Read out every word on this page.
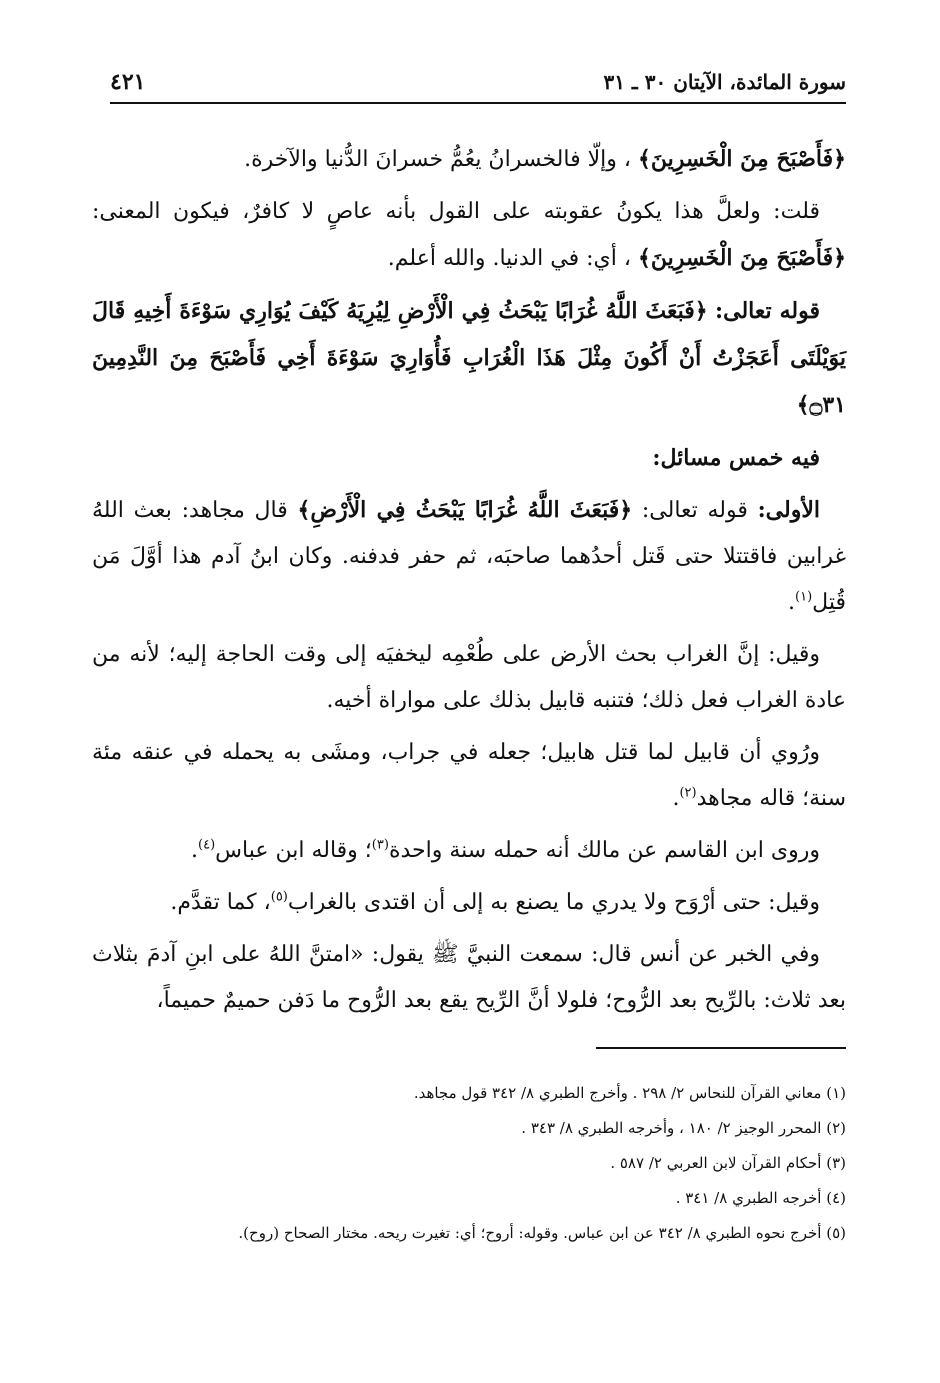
سورة المائدة، الآيتان ٣٠ ـ ٣١
٤٢١

﴿فَأَصْبَحَ مِنَ الْخَسِرِينَ﴾ ، وإلّا فالخسرانُ يعُمُّ خسرانَ الدُّنيا والآخرة.

قلت: ولعلَّ هذا يكونُ عقوبته على القول بأنه عاصٍ لا كافرٌ، فيكون المعنى: ﴿فَأَصْبَحَ مِنَ الْخَسِرِينَ﴾ ، أي: في الدنيا. والله أعلم.

قوله تعالى: ﴿فَبَعَثَ اللَّهُ غُرَابًا يَبْحَثُ فِي الْأَرْضِ لِيُرِيَهُ كَيْفَ يُوَارِي سَوْءَةَ أَخِيهِ قَالَ يَوَيْلَتَى أَعَجَزْتُ أَنْ أَكُونَ مِثْلَ هَذَا الْغُرَابِ فَأُوَارِيَ سَوْءَةَ أَخِي فَأَصْبَحَ مِنَ النَّدِمِينَ ۝٣١﴾

فيه خمس مسائل:

الأولى: قوله تعالى: ﴿فَبَعَثَ اللَّهُ غُرَابًا يَبْحَثُ فِي الْأَرْضِ﴾ قال مجاهد: بعث اللهُ غرابين فاقتتلا حتى قَتل أحدُهما صاحبَه، ثم حفر فدفنه. وكان ابنُ آدم هذا أوَّلَ مَن قُتِل$^{(١)}$.

وقيل: إنَّ الغراب بحث الأرض على طُعْمِه ليخفيَه إلى وقت الحاجة إليه؛ لأنه من عادة الغراب فعل ذلك؛ فتنبه قابيل بذلك على مواراة أخيه.

ورُوي أن قابيل لما قتل هابيل؛ جعله في جراب، ومشَى به يحمله في عنقه مئة سنة؛ قاله مجاهد$^{(٢)}$.

وروى ابن القاسم عن مالك أنه حمله سنة واحدة$^{(٣)}$؛ وقاله ابن عباس$^{(٤)}$.

وقيل: حتى أرْوَح ولا يدري ما يصنع به إلى أن اقتدى بالغراب$^{(٥)}$، كما تقدَّم.

وفي الخبر عن أنس قال: سمعت النبيَّ ﷺ يقول: «امتنَّ اللهُ على ابنِ آدمَ بثلاث بعد ثلاث: بالرِّيح بعد الرُّوح؛ فلولا أنَّ الرِّيح يقع بعد الرُّوح ما دَفن حميمٌ حميماً،

(١) معاني القرآن للنحاس ٢/ ٢٩٨ . وأخرج الطبري ٨/ ٣٤٢ قول مجاهد.
(٢) المحرر الوجيز ٢/ ١٨٠ ، وأخرجه الطبري ٨/ ٣٤٣ .
(٣) أحكام القرآن لابن العربي ٢/ ٥٨٧ .
(٤) أخرجه الطبري ٨/ ٣٤١ .
(٥) أخرج نحوه الطبري ٨/ ٣٤٢ عن ابن عباس. وقوله: أروح؛ أي: تغيرت ريحه. مختار الصحاح (روح).
